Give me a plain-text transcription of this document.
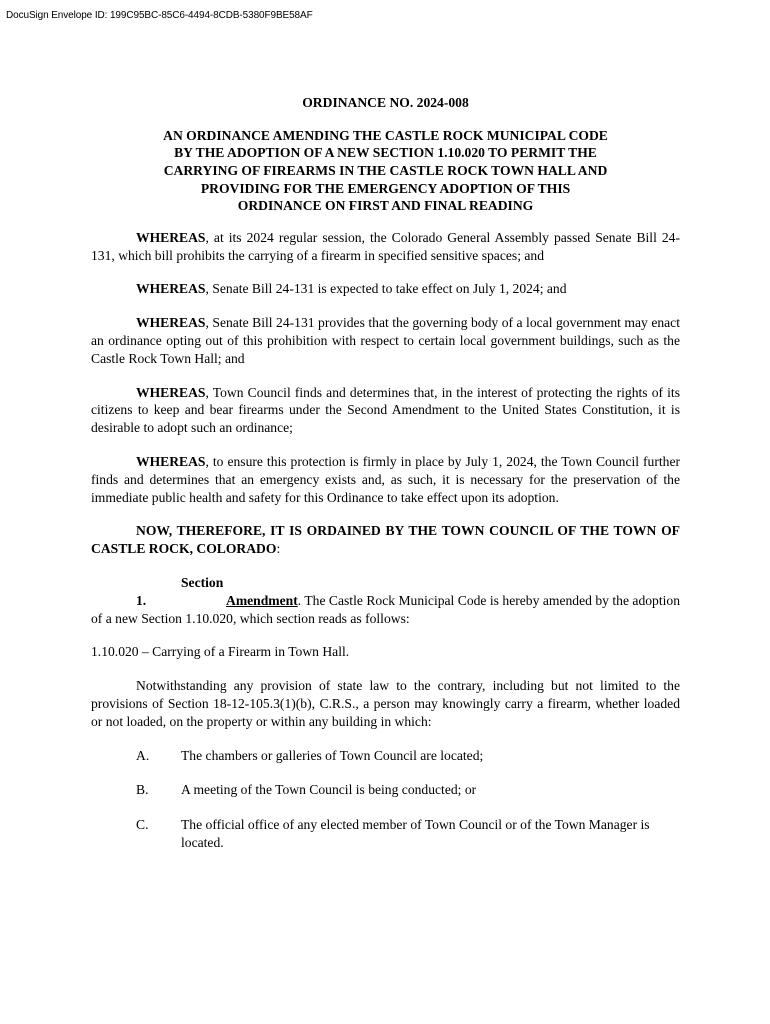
DocuSign Envelope ID: 199C95BC-85C6-4494-8CDB-5380F9BE58AF
ORDINANCE NO. 2024-008
AN ORDINANCE AMENDING THE CASTLE ROCK MUNICIPAL CODE
BY THE ADOPTION OF A NEW SECTION 1.10.020 TO PERMIT THE
CARRYING OF FIREARMS IN THE CASTLE ROCK TOWN HALL AND
PROVIDING FOR THE EMERGENCY ADOPTION OF THIS
ORDINANCE ON FIRST AND FINAL READING

WHEREAS, at its 2024 regular session, the Colorado General Assembly passed Senate Bill 24-131, which bill prohibits the carrying of a firearm in specified sensitive spaces; and

WHEREAS, Senate Bill 24-131 is expected to take effect on July 1, 2024; and

WHEREAS, Senate Bill 24-131 provides that the governing body of a local government may enact an ordinance opting out of this prohibition with respect to certain local government buildings, such as the Castle Rock Town Hall; and

WHEREAS, Town Council finds and determines that, in the interest of protecting the rights of its citizens to keep and bear firearms under the Second Amendment to the United States Constitution, it is desirable to adopt such an ordinance;

WHEREAS, to ensure this protection is firmly in place by July 1, 2024, the Town Council further finds and determines that an emergency exists and, as such, it is necessary for the preservation of the immediate public health and safety for this Ordinance to take effect upon its adoption.

NOW, THEREFORE, IT IS ORDAINED BY THE TOWN COUNCIL OF THE TOWN OF CASTLE ROCK, COLORADO:

Section 1.	Amendment. The Castle Rock Municipal Code is hereby amended by the adoption of a new Section 1.10.020, which section reads as follows:

1.10.020 – Carrying of a Firearm in Town Hall.

Notwithstanding any provision of state law to the contrary, including but not limited to the provisions of Section 18-12-105.3(1)(b), C.R.S., a person may knowingly carry a firearm, whether loaded or not loaded, on the property or within any building in which:

A.	The chambers or galleries of Town Council are located;
B.	A meeting of the Town Council is being conducted; or
C.	The official office of any elected member of Town Council or of the Town Manager is located.
